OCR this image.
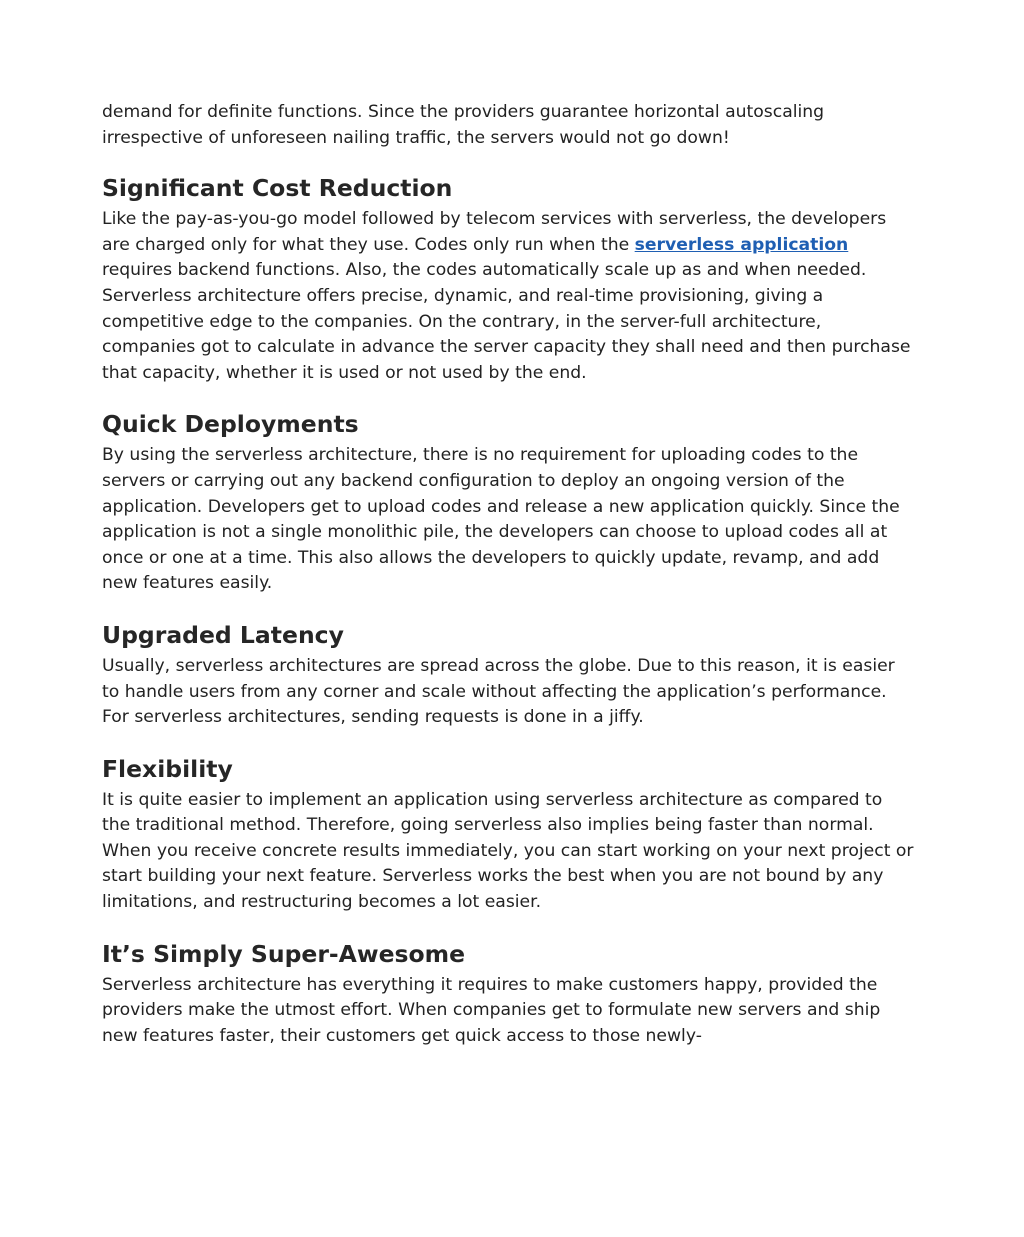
demand for definite functions. Since the providers guarantee horizontal autoscaling irrespective of unforeseen nailing traffic, the servers would not go down!

Significant Cost Reduction

Like the pay-as-you-go model followed by telecom services with serverless, the developers are charged only for what they use. Codes only run when the serverless application requires backend functions. Also, the codes automatically scale up as and when needed. Serverless architecture offers precise, dynamic, and real-time provisioning, giving a competitive edge to the companies. On the contrary, in the server-full architecture, companies got to calculate in advance the server capacity they shall need and then purchase that capacity, whether it is used or not used by the end.

Quick Deployments

By using the serverless architecture, there is no requirement for uploading codes to the servers or carrying out any backend configuration to deploy an ongoing version of the application. Developers get to upload codes and release a new application quickly. Since the application is not a single monolithic pile, the developers can choose to upload codes all at once or one at a time. This also allows the developers to quickly update, revamp, and add new features easily.

Upgraded Latency

Usually, serverless architectures are spread across the globe. Due to this reason, it is easier to handle users from any corner and scale without affecting the application’s performance. For serverless architectures, sending requests is done in a jiffy.

Flexibility

It is quite easier to implement an application using serverless architecture as compared to the traditional method. Therefore, going serverless also implies being faster than normal. When you receive concrete results immediately, you can start working on your next project or start building your next feature. Serverless works the best when you are not bound by any limitations, and restructuring becomes a lot easier.

It’s Simply Super-Awesome

Serverless architecture has everything it requires to make customers happy, provided the providers make the utmost effort. When companies get to formulate new servers and ship new features faster, their customers get quick access to those newly-
